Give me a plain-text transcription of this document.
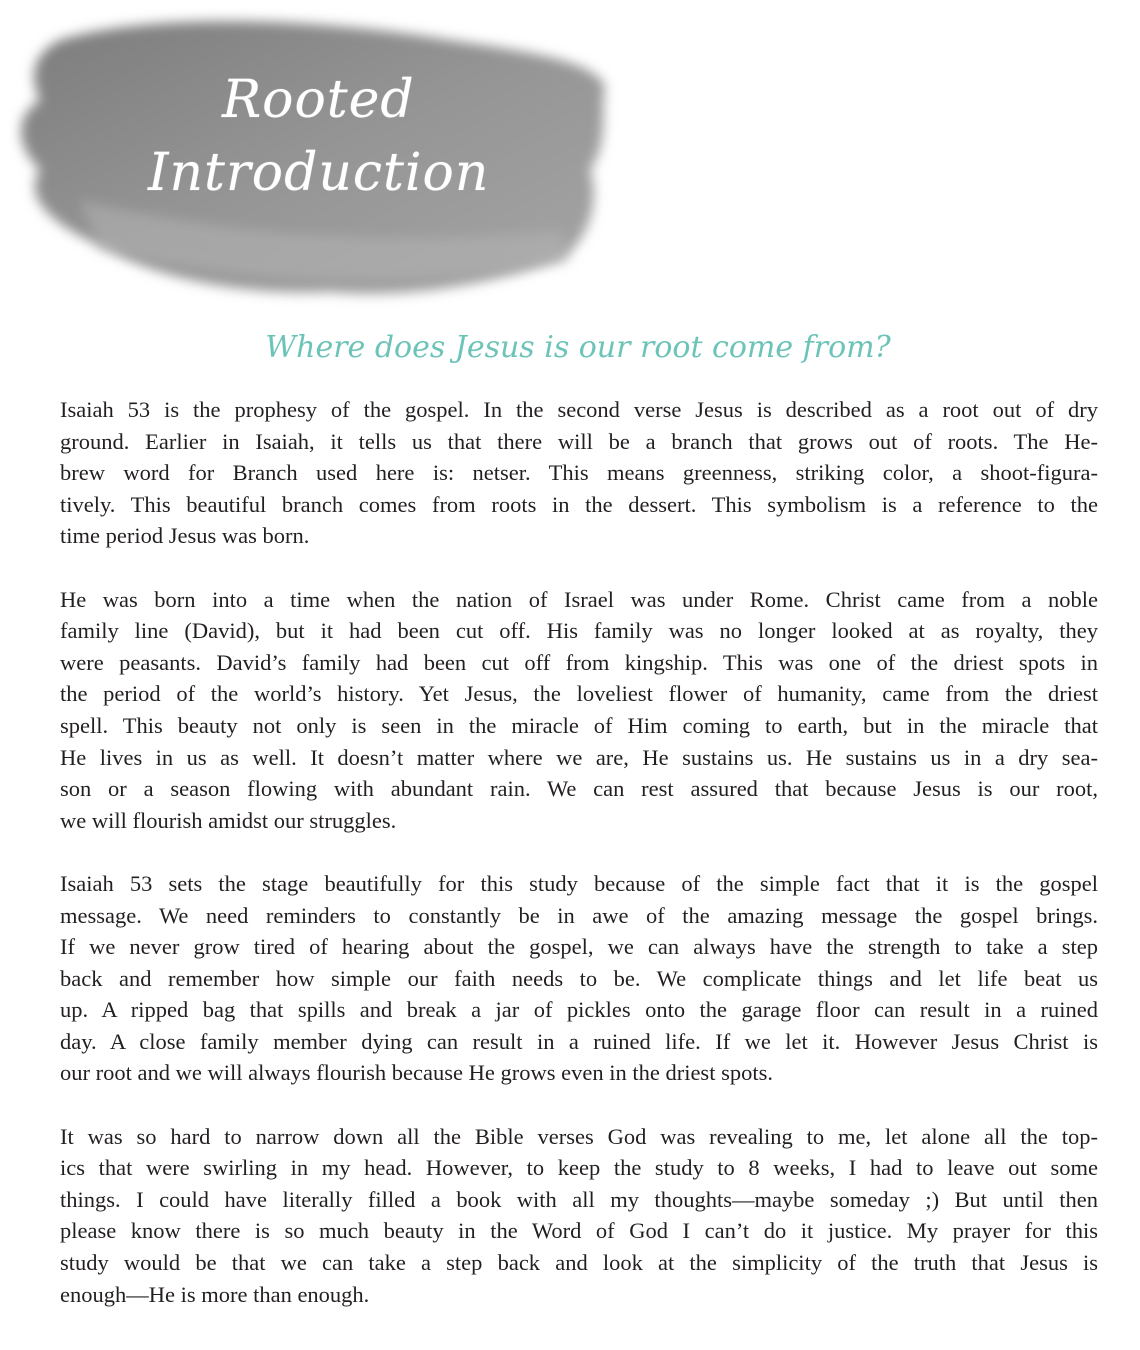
Rooted
Introduction
Where does Jesus is our root come from?
Isaiah 53 is the prophesy of the gospel. In the second verse Jesus is described as a root out of dry
ground. Earlier in Isaiah, it tells us that there will be a branch that grows out of roots. The He-
brew word for Branch used here is: netser. This means greenness, striking color, a shoot-figura-
tively. This beautiful branch comes from roots in the dessert. This symbolism is a reference to the
time period Jesus was born.
He was born into a time when the nation of Israel was under Rome. Christ came from a noble
family line (David), but it had been cut off. His family was no longer looked at as royalty, they
were peasants. David’s family had been cut off from kingship. This was one of the driest spots in
the period of the world’s history. Yet Jesus, the loveliest flower of humanity, came from the driest
spell. This beauty not only is seen in the miracle of Him coming to earth, but in the miracle that
He lives in us as well. It doesn’t matter where we are, He sustains us. He sustains us in a dry sea-
son or a season flowing with abundant rain. We can rest assured that because Jesus is our root,
we will flourish amidst our struggles.
Isaiah 53 sets the stage beautifully for this study because of the simple fact that it is the gospel
message. We need reminders to constantly be in awe of the amazing message the gospel brings.
If we never grow tired of hearing about the gospel, we can always have the strength to take a step
back and remember how simple our faith needs to be. We complicate things and let life beat us
up. A ripped bag that spills and break a jar of pickles onto the garage floor can result in a ruined
day. A close family member dying can result in a ruined life. If we let it. However Jesus Christ is
our root and we will always flourish because He grows even in the driest spots.
It was so hard to narrow down all the Bible verses God was revealing to me, let alone all the top-
ics that were swirling in my head. However, to keep the study to 8 weeks, I had to leave out some
things. I could have literally filled a book with all my thoughts—maybe someday ;) But until then
please know there is so much beauty in the Word of God I can’t do it justice. My prayer for this
study would be that we can take a step back and look at the simplicity of the truth that Jesus is
enough—He is more than enough.
